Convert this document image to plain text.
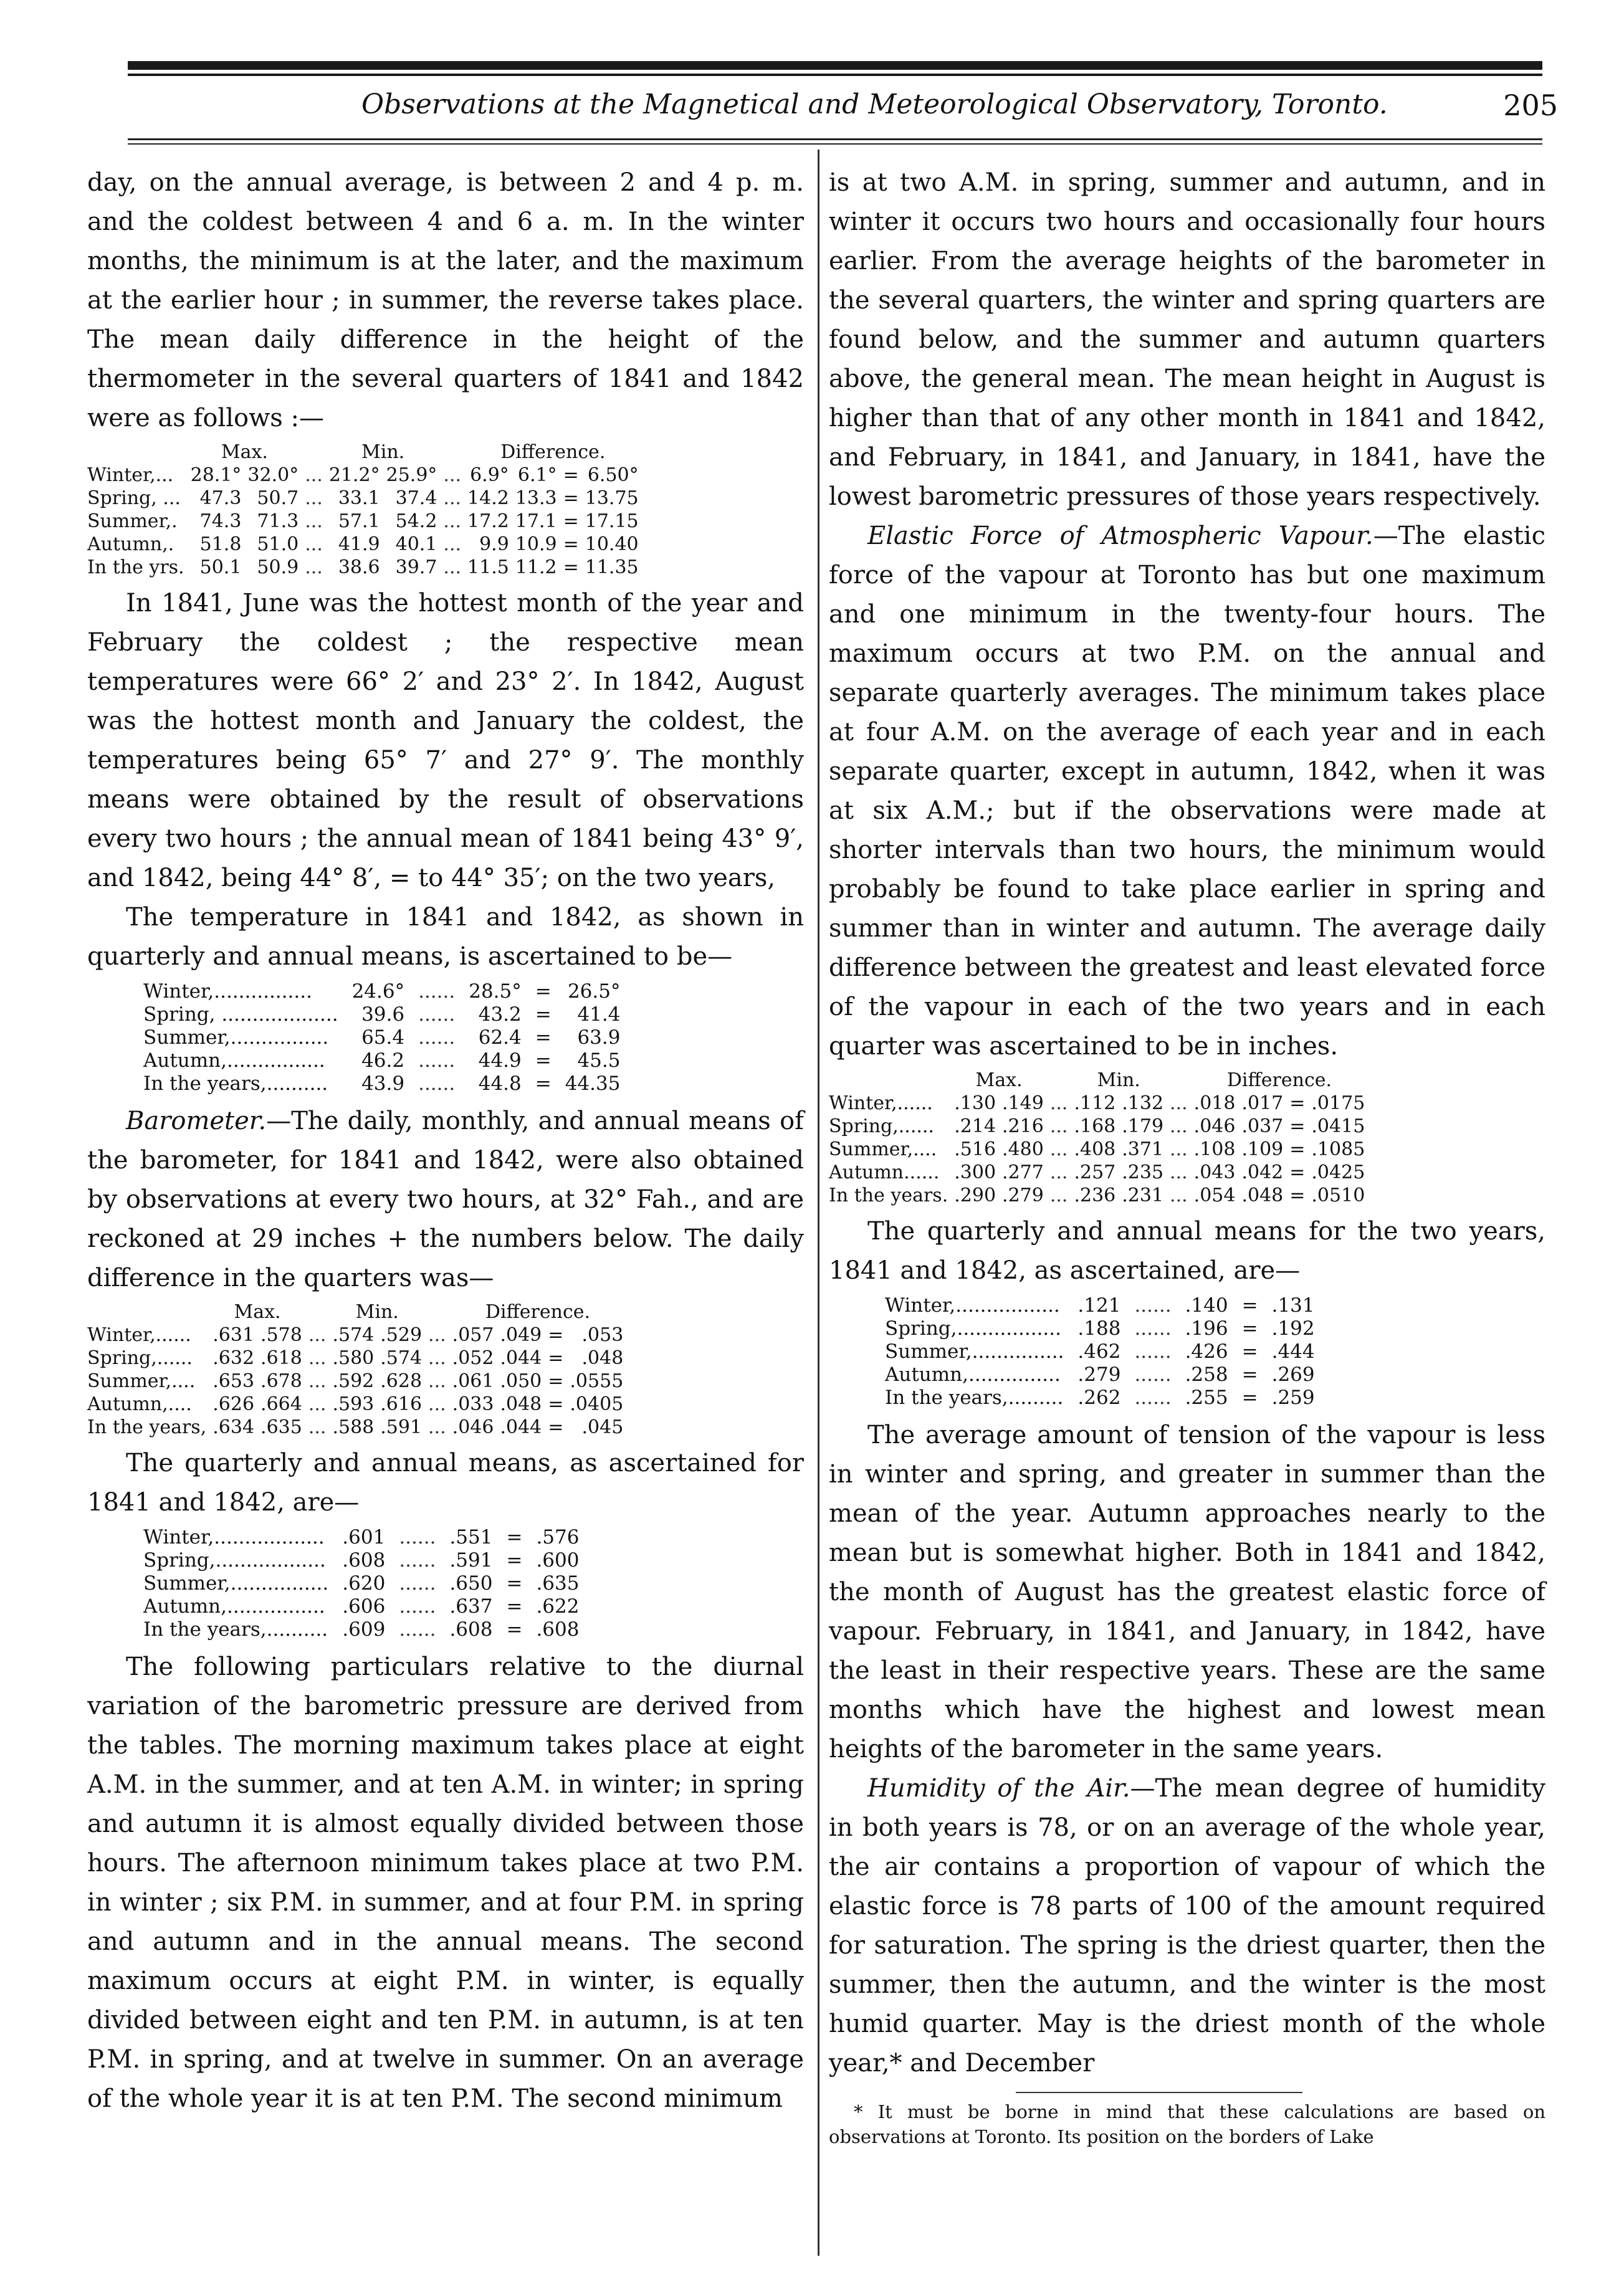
Observations at the Magnetical and Meteorological Observatory, Toronto.	205

day, on the annual average, is between 2 and 4 p. m. and the coldest between 4 and 6 a. m. In the winter months, the minimum is at the later, and the maximum at the earlier hour ; in summer, the reverse takes place. The mean daily difference in the height of the thermometer in the several quarters of 1841 and 1842 were as follows :—

	Max.			Min.			Difference.			
Winter,...	28.1°	32.0°	...	21.2°	25.9°	...	6.9°	6.1°	=	6.50°
Spring, ...	47.3	50.7	...	33.1	37.4	...	14.2	13.3	=	13.75
Summer,.	74.3	71.3	...	57.1	54.2	...	17.2	17.1	=	17.15
Autumn,.	51.8	51.0	...	41.9	40.1	...	9.9	10.9	=	10.40
In the yrs.	50.1	50.9	...	38.6	39.7	...	11.5	11.2	=	11.35

In 1841, June was the hottest month of the year and February the coldest ; the respective mean temperatures were 66° 2′ and 23° 2′. In 1842, August was the hottest month and January the coldest, the temperatures being 65° 7′ and 27° 9′. The monthly means were obtained by the result of observations every two hours ; the annual mean of 1841 being 43° 9′, and 1842, being 44° 8′, = to 44° 35′; on the two years,

The temperature in 1841 and 1842, as shown in quarterly and annual means, is ascertained to be—

Winter,................	24.6°	......	28.5°	=	26.5°
Spring, ...................	39.6	......	43.2	=	41.4
Summer,................	65.4	......	62.4	=	63.9
Autumn,................	46.2	......	44.9	=	45.5
In the years,..........	43.9	......	44.8	=	44.35

Barometer.—The daily, monthly, and annual means of the barometer, for 1841 and 1842, were also obtained by observations at every two hours, at 32° Fah., and are reckoned at 29 inches + the numbers below. The daily difference in the quarters was—

	Max.			Min.			Difference.			
Winter,......	.631	.578	...	.574	.529	...	.057	.049	=	.053
Spring,......	.632	.618	...	.580	.574	...	.052	.044	=	.048
Summer,....	.653	.678	...	.592	.628	...	.061	.050	=	.0555
Autumn,....	.626	.664	...	.593	.616	...	.033	.048	=	.0405
In the years,	.634	.635	...	.588	.591	...	.046	.044	=	.045

The quarterly and annual means, as ascertained for 1841 and 1842, are—

Winter,..................	.601	......	.551	=	.576
Spring,..................	.608	......	.591	=	.600
Summer,................	.620	......	.650	=	.635
Autumn,................	.606	......	.637	=	.622
In the years,..........	.609	......	.608	=	.608

The following particulars relative to the diurnal variation of the barometric pressure are derived from the tables. The morning maximum takes place at eight A.M. in the summer, and at ten A.M. in winter; in spring and autumn it is almost equally divided between those hours. The afternoon minimum takes place at two P.M. in winter ; six P.M. in summer, and at four P.M. in spring and autumn and in the annual means. The second maximum occurs at eight P.M. in winter, is equally divided between eight and ten P.M. in autumn, is at ten P.M. in spring, and at twelve in summer. On an average of the whole year it is at ten P.M. The second minimum

is at two A.M. in spring, summer and autumn, and in winter it occurs two hours and occasionally four hours earlier. From the average heights of the barometer in the several quarters, the winter and spring quarters are found below, and the summer and autumn quarters above, the general mean. The mean height in August is higher than that of any other month in 1841 and 1842, and February, in 1841, and January, in 1841, have the lowest barometric pressures of those years respectively.

Elastic Force of Atmospheric Vapour.—The elastic force of the vapour at Toronto has but one maximum and one minimum in the twenty-four hours. The maximum occurs at two P.M. on the annual and separate quarterly averages. The minimum takes place at four A.M. on the average of each year and in each separate quarter, except in autumn, 1842, when it was at six A.M.; but if the observations were made at shorter intervals than two hours, the minimum would probably be found to take place earlier in spring and summer than in winter and autumn. The average daily difference between the greatest and least elevated force of the vapour in each of the two years and in each quarter was ascertained to be in inches.

	Max.			Min.			Difference.			
Winter,......	.130	.149	...	.112	.132	...	.018	.017	=	.0175
Spring,......	.214	.216	...	.168	.179	...	.046	.037	=	.0415
Summer,....	.516	.480	...	.408	.371	...	.108	.109	=	.1085
Autumn......	.300	.277	...	.257	.235	...	.043	.042	=	.0425
In the years.	.290	.279	...	.236	.231	...	.054	.048	=	.0510

The quarterly and annual means for the two years, 1841 and 1842, as ascertained, are—

Winter,.................	.121	......	.140	=	.131
Spring,.................	.188	......	.196	=	.192
Summer,...............	.462	......	.426	=	.444
Autumn,...............	.279	......	.258	=	.269
In the years,.........	.262	......	.255	=	.259

The average amount of tension of the vapour is less in winter and spring, and greater in summer than the mean of the year. Autumn approaches nearly to the mean but is somewhat higher. Both in 1841 and 1842, the month of August has the greatest elastic force of vapour. February, in 1841, and January, in 1842, have the least in their respective years. These are the same months which have the highest and lowest mean heights of the barometer in the same years.

Humidity of the Air.—The mean degree of humidity in both years is 78, or on an average of the whole year, the air contains a proportion of vapour of which the elastic force is 78 parts of 100 of the amount required for saturation. The spring is the driest quarter, then the summer, then the autumn, and the winter is the most humid quarter. May is the driest month of the whole year,* and December

* It must be borne in mind that these calculations are based on observations at Toronto. Its position on the borders of Lake
